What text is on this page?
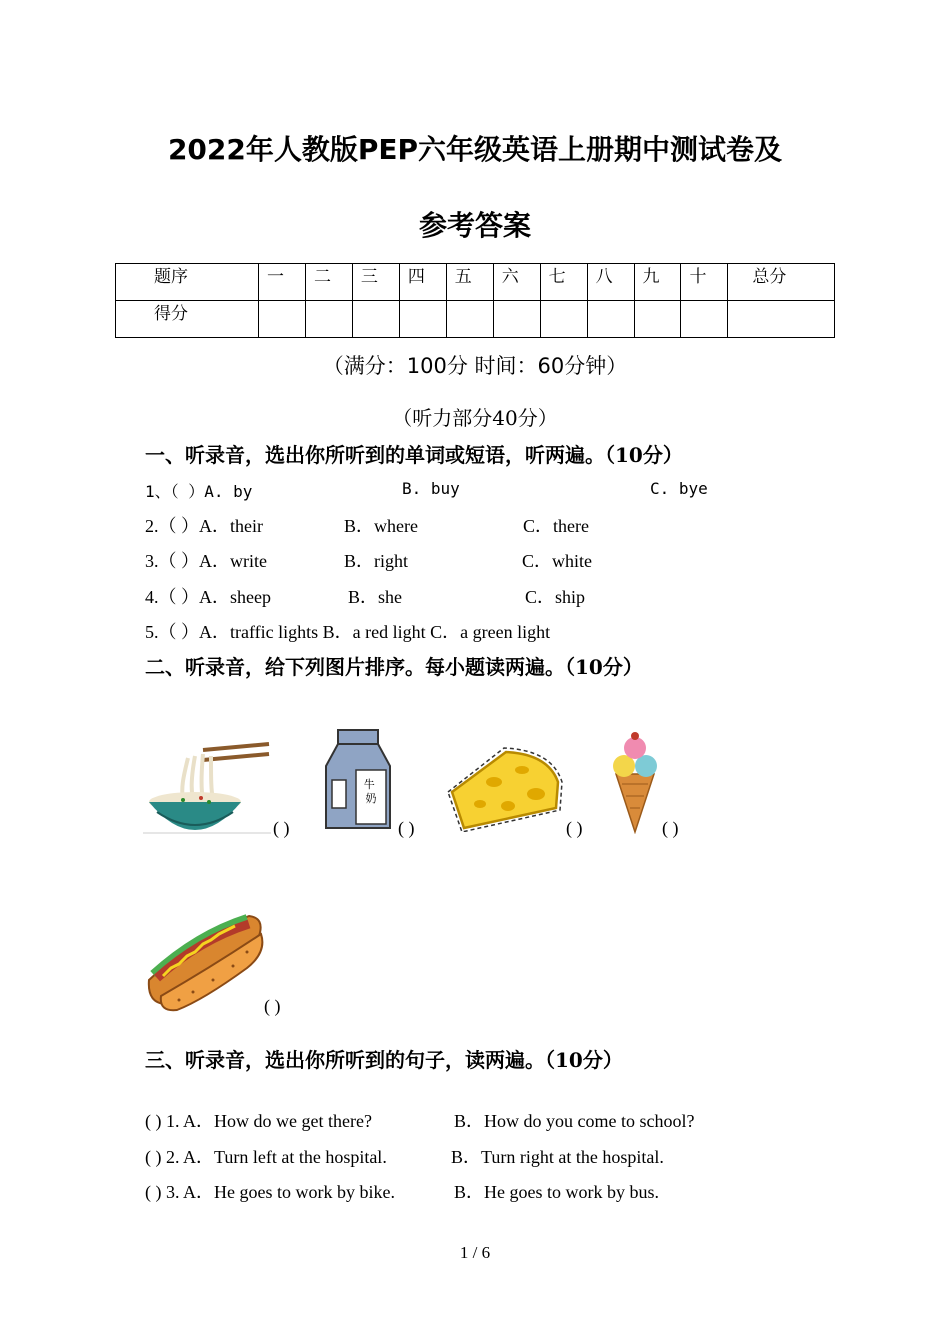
2022年人教版PEP六年级英语上册期中测试卷及
参考答案
题序	一	二	三	四	五	六	七	八	九	十	总分
得分											
（满分：100分 时间：60分钟）
（听力部分40分）
一、听录音，选出你所听到的单词或短语，听两遍。（10分）
1、（ ）A. by	B. buy	C. bye
2.（ ）A．their	B．where	C．there
3.（ ）A．write	B．right	C．white
4.（ ）A．sheep	B．she	C．ship
5.（ ）A．traffic lights B．a red light C．a green light
二、听录音，给下列图片排序。每小题读两遍。（10分）
( )
牛 奶
( )	( )	( )
( )
三、听录音，选出你所听到的句子，读两遍。（10分）
( ) 1. A．How do we get there?	B．How do you come to school?
( ) 2. A．Turn left at the hospital.	B．Turn right at the hospital.
( ) 3. A．He goes to work by bike.	B．He goes to work by bus.
1 / 6
